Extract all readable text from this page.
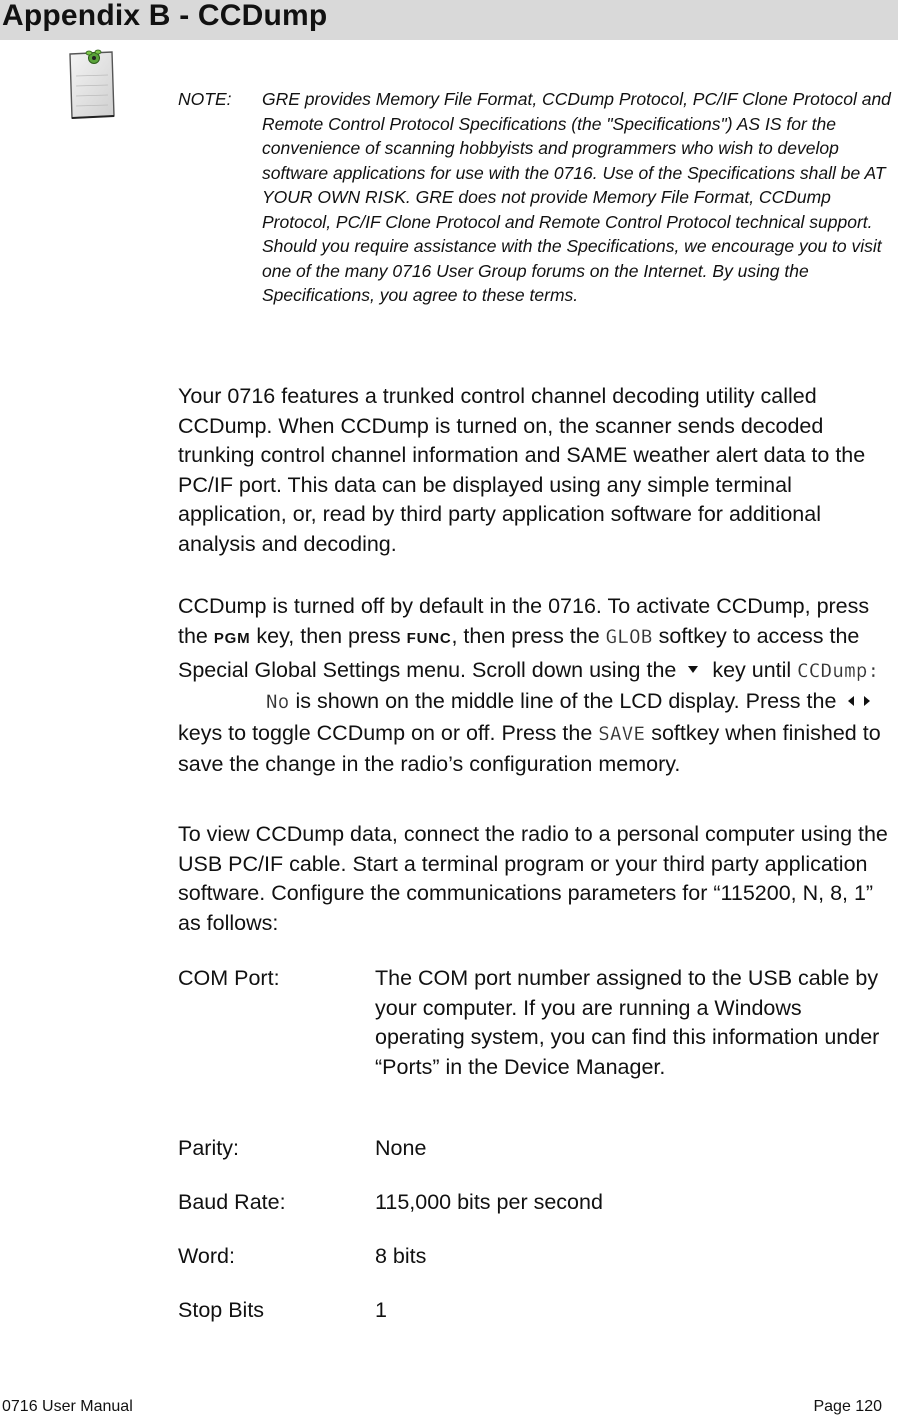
Appendix B - CCDump
NOTE: GRE provides Memory File Format, CCDump Protocol, PC/IF Clone Protocol and Remote Control Protocol Specifications (the "Specifications") AS IS for the convenience of scanning hobbyists and programmers who wish to develop software applications for use with the 0716. Use of the Specifications shall be AT YOUR OWN RISK. GRE does not provide Memory File Format, CCDump Protocol, PC/IF Clone Protocol and Remote Control Protocol technical support. Should you require assistance with the Specifications, we encourage you to visit one of the many 0716 User Group forums on the Internet. By using the Specifications, you agree to these terms.

Your 0716 features a trunked control channel decoding utility called CCDump. When CCDump is turned on, the scanner sends decoded trunking control channel information and SAME weather alert data to the PC/IF port. This data can be displayed using any simple terminal application, or, read by third party application software for additional analysis and decoding.

CCDump is turned off by default in the 0716. To activate CCDump, press the PGM key, then press FUNC, then press the GLOB softkey to access the Special Global Settings menu. Scroll down using the  key until CCDump:No is shown on the middle line of the LCD display. Press the  keys to toggle CCDump on or off. Press the SAVE softkey when finished to save the change in the radio’s configuration memory.

To view CCDump data, connect the radio to a personal computer using the USB PC/IF cable. Start a terminal program or your third party application software. Configure the communications parameters for “115200, N, 8, 1” as follows:

COM Port:	The COM port number assigned to the USB cable by your computer. If you are running a Windows operating system, you can find this information under “Ports” in the Device Manager.

Parity:	None

Baud Rate:	115,000 bits per second

Word:	8 bits

Stop Bits	1

0716 User Manual	Page 120
